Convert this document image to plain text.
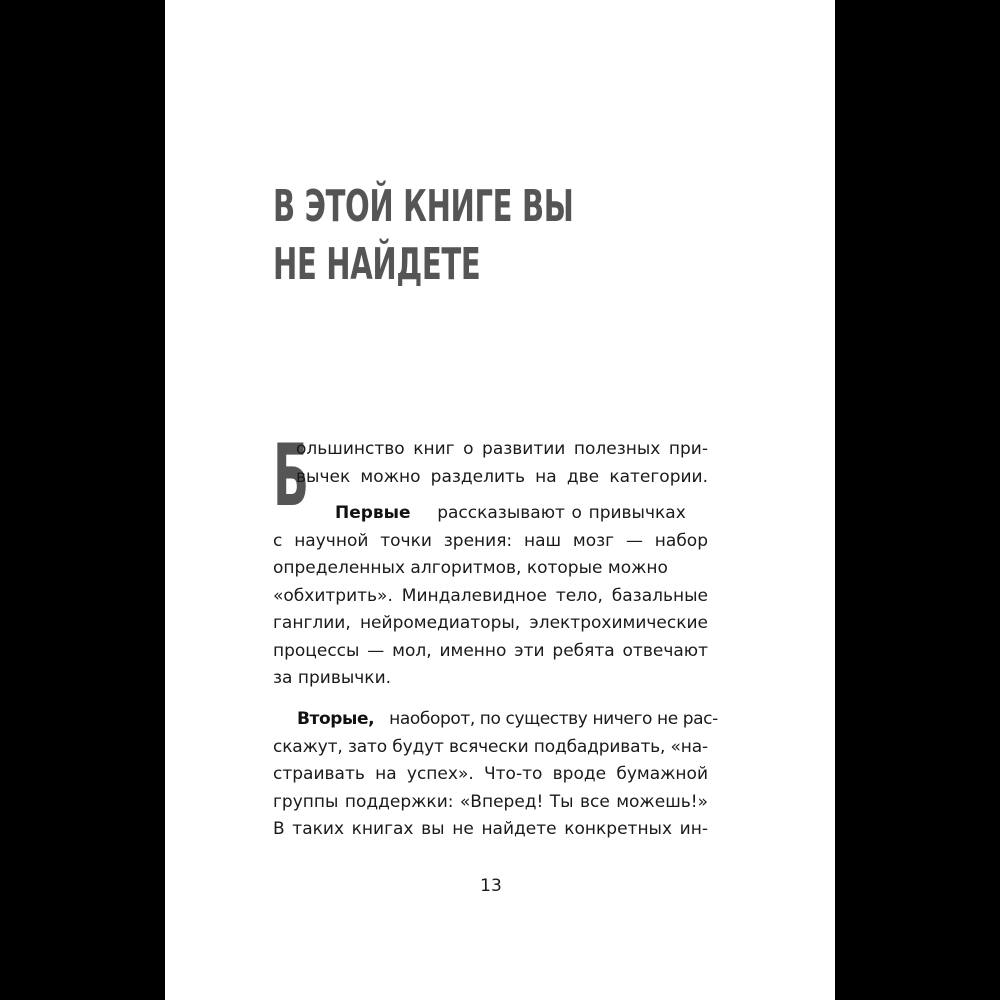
В ЭТОЙ КНИГЕ ВЫ
НЕ НАЙДЕТЕ
Б

ольшинство книг о развитии полезных при-
вычек можно разделить на две категории.

Первые рассказывают о привычках
с научной точки зрения: наш мозг — набор
определенных алгоритмов, которые можно
«обхитрить». Миндалевидное тело, базальные
ганглии, нейромедиаторы, электрохимические
процессы — мол, именно эти ребята отвечают
за привычки.

Вторые, наоборот, по существу ничего не рас-
скажут, зато будут всячески подбадривать, «на-
страивать на успех». Что-то вроде бумажной
группы поддержки: «Вперед! Ты все можешь!»
В таких книгах вы не найдете конкретных ин-

13
